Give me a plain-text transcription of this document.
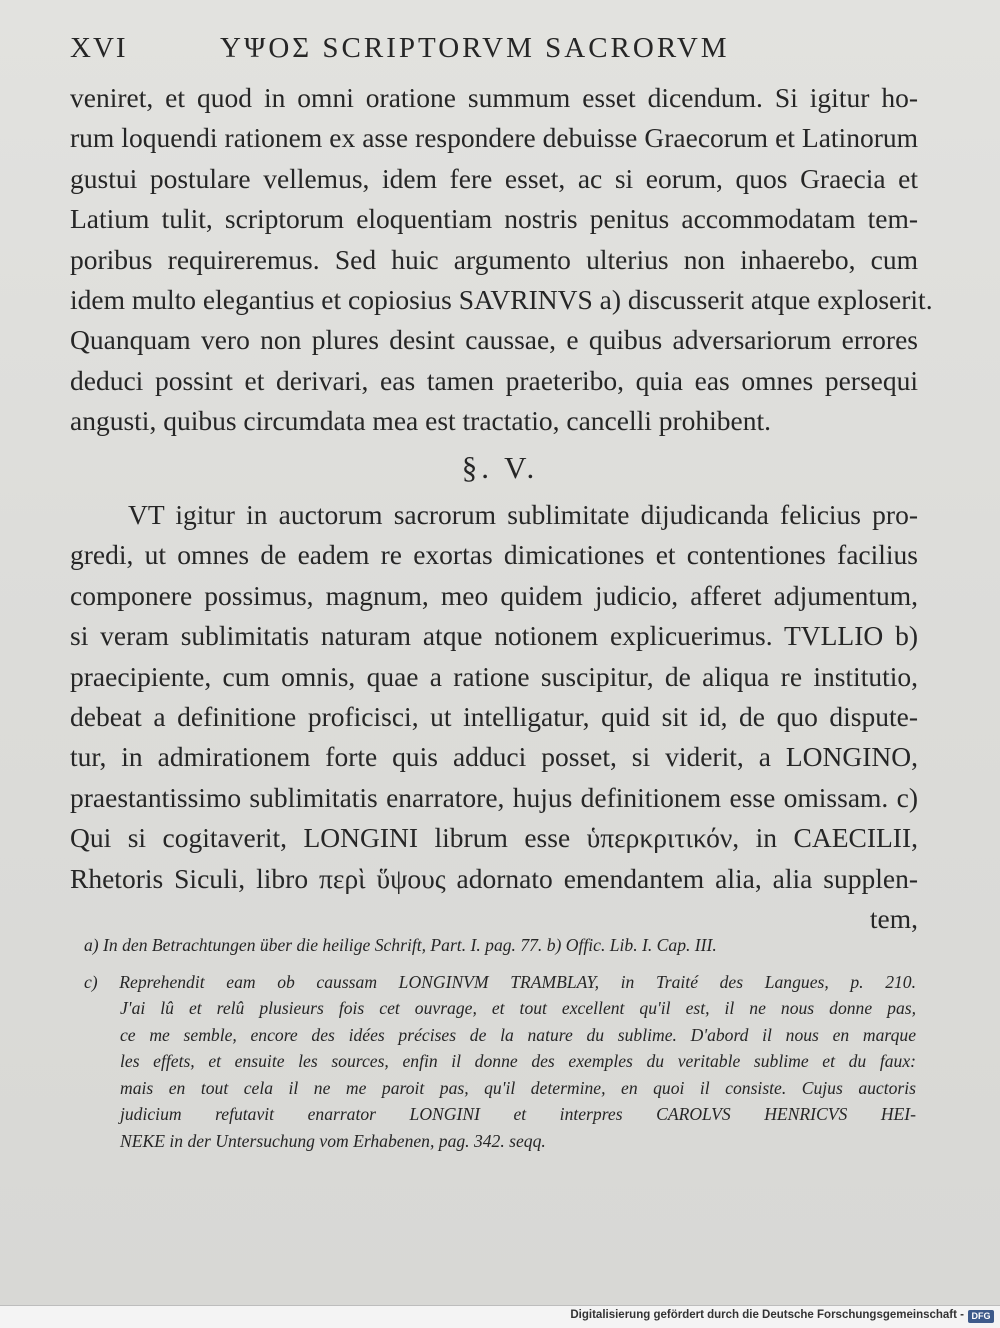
XVI	ΥΨΟΣ SCRIPTORVM SACRORVM
veniret, et quod in omni oratione summum esset dicendum. Si igitur ho-
rum loquendi rationem ex asse respondere debuisse Graecorum et Latinorum
gustui postulare vellemus, idem fere esset, ac si eorum, quos Graecia et
Latium tulit, scriptorum eloquentiam nostris penitus accommodatam tem-
poribus requireremus. Sed huic argumento ulterius non inhaerebo, cum
idem multo elegantius et copiosius SAVRINVS a) discusserit atque exploserit.
Quanquam vero non plures desint caussae, e quibus adversariorum errores
deduci possint et derivari, eas tamen praeteribo, quia eas omnes persequi
angusti, quibus circumdata mea est tractatio, cancelli prohibent.
§. V.
VT igitur in auctorum sacrorum sublimitate dijudicanda felicius pro-
gredi, ut omnes de eadem re exortas dimicationes et contentiones facilius
componere possimus, magnum, meo quidem judicio, afferet adjumentum,
si veram sublimitatis naturam atque notionem explicuerimus. TVLLIO b)
praecipiente, cum omnis, quae a ratione suscipitur, de aliqua re institutio,
debeat a definitione proficisci, ut intelligatur, quid sit id, de quo dispute-
tur, in admirationem forte quis adduci posset, si viderit, a LONGINO,
praestantissimo sublimitatis enarratore, hujus definitionem esse omissam. c)
Qui si cogitaverit, LONGINI librum esse ὑπερκριτικόν, in CAECILII,
Rhetoris Siculi, libro περὶ ὕψους adornato emendantem alia, alia supplen-
tem,
a) In den Betrachtungen über die heilige Schrift, Part. I. pag. 77. b) Offic. Lib. I. Cap. III.
c) Reprehendit eam ob caussam LONGINVM TRAMBLAY, in Traité des Langues, p. 210.
J'ai lû et relû plusieurs fois cet ouvrage, et tout excellent qu'il est, il ne nous donne pas,
ce me semble, encore des idées précises de la nature du sublime. D'abord il nous en marque
les effets, et ensuite les sources, enfin il donne des exemples du veritable sublime et du faux:
mais en tout cela il ne me paroit pas, qu'il determine, en quoi il consiste. Cujus auctoris
judicium refutavit enarrator LONGINI et interpres CAROLVS HENRICVS HEI-
NEKE in der Untersuchung vom Erhabenen, pag. 342. seqq.
Digitalisierung gefördert durch die Deutsche Forschungsgemeinschaft - DFG
